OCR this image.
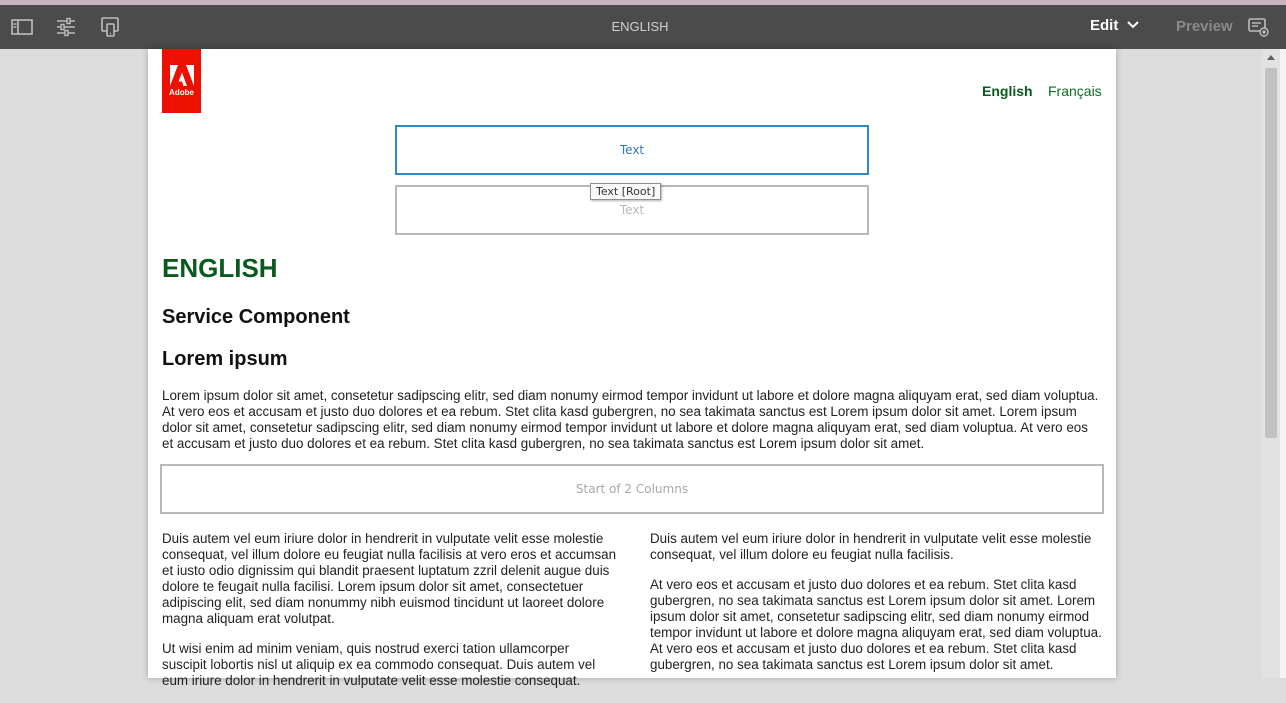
ENGLISH	Edit	Preview
Adobe	English Français
Text
Text
Text [Root]
ENGLISH
Service Component
Lorem ipsum
Lorem ipsum dolor sit amet, consetetur sadipscing elitr, sed diam nonumy eirmod tempor invidunt ut labore et dolore magna aliquyam erat, sed diam voluptua. At vero eos et accusam et justo duo dolores et ea rebum. Stet clita kasd gubergren, no sea takimata sanctus est Lorem ipsum dolor sit amet. Lorem ipsum dolor sit amet, consetetur sadipscing elitr, sed diam nonumy eirmod tempor invidunt ut labore et dolore magna aliquyam erat, sed diam voluptua. At vero eos et accusam et justo duo dolores et ea rebum. Stet clita kasd gubergren, no sea takimata sanctus est Lorem ipsum dolor sit amet.
Start of 2 Columns

Duis autem vel eum iriure dolor in hendrerit in vulputate velit esse molestie consequat, vel illum dolore eu feugiat nulla facilisis at vero eros et accumsan et iusto odio dignissim qui blandit praesent luptatum zzril delenit augue duis dolore te feugait nulla facilisi. Lorem ipsum dolor sit amet, consectetuer adipiscing elit, sed diam nonummy nibh euismod tincidunt ut laoreet dolore magna aliquam erat volutpat.

Ut wisi enim ad minim veniam, quis nostrud exerci tation ullamcorper suscipit lobortis nisl ut aliquip ex ea commodo consequat. Duis autem vel eum iriure dolor in hendrerit in vulputate velit esse molestie consequat.

Duis autem vel eum iriure dolor in hendrerit in vulputate velit esse molestie consequat, vel illum dolore eu feugiat nulla facilisis.

At vero eos et accusam et justo duo dolores et ea rebum. Stet clita kasd gubergren, no sea takimata sanctus est Lorem ipsum dolor sit amet. Lorem ipsum dolor sit amet, consetetur sadipscing elitr, sed diam nonumy eirmod tempor invidunt ut labore et dolore magna aliquyam erat, sed diam voluptua. At vero eos et accusam et justo duo dolores et ea rebum. Stet clita kasd gubergren, no sea takimata sanctus est Lorem ipsum dolor sit amet.
